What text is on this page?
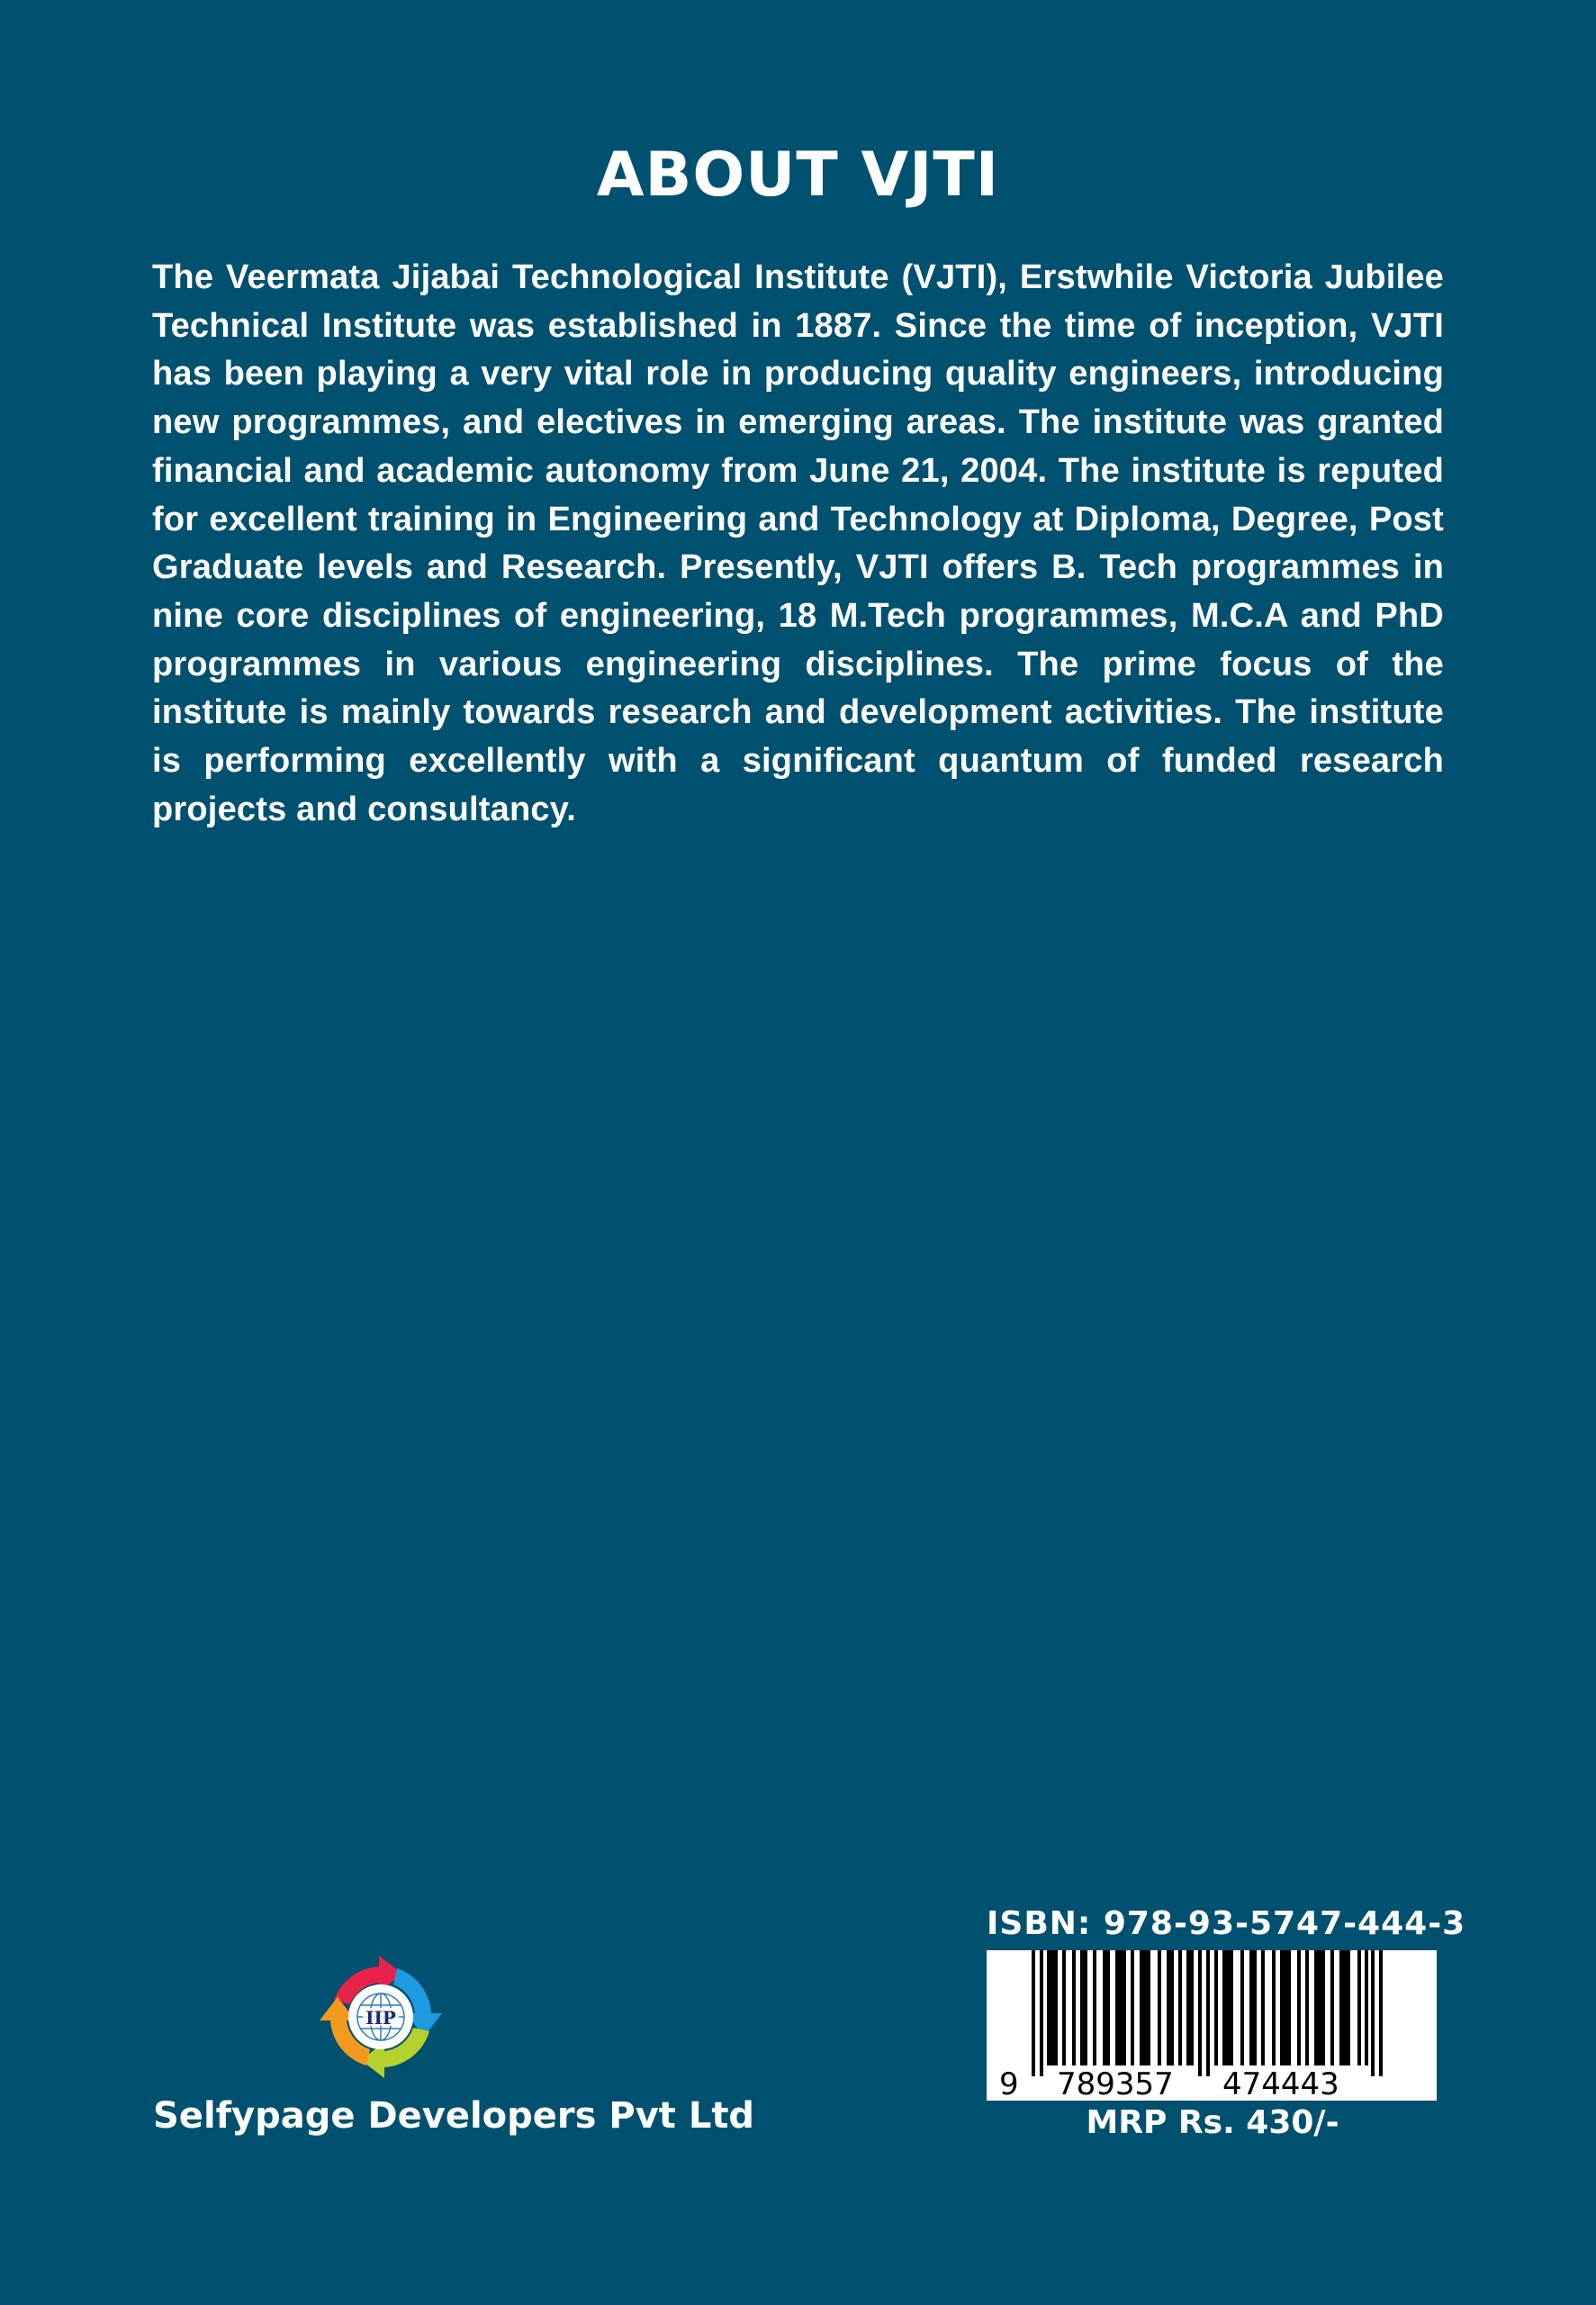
ABOUT VJTI

The Veermata Jijabai Technological Institute (VJTI), Erstwhile Victoria Jubilee Technical Institute was established in 1887. Since the time of inception, VJTI has been playing a very vital role in producing quality engineers, introducing new programmes, and electives in emerging areas. The institute was granted financial and academic autonomy from June 21, 2004. The institute is reputed for excellent training in Engineering and Technology at Diploma, Degree, Post Graduate levels and Research. Presently, VJTI offers B. Tech programmes in nine core disciplines of engineering, 18 M.Tech programmes, M.C.A and PhD programmes in various engineering disciplines. The prime focus of the institute is mainly towards research and development activities. The institute is performing excellently with a significant quantum of funded research projects and consultancy.

IIP
Selfypage Developers Pvt Ltd
ISBN: 978-93-5747-444-3
9 789357 474443
MRP Rs. 430/-
